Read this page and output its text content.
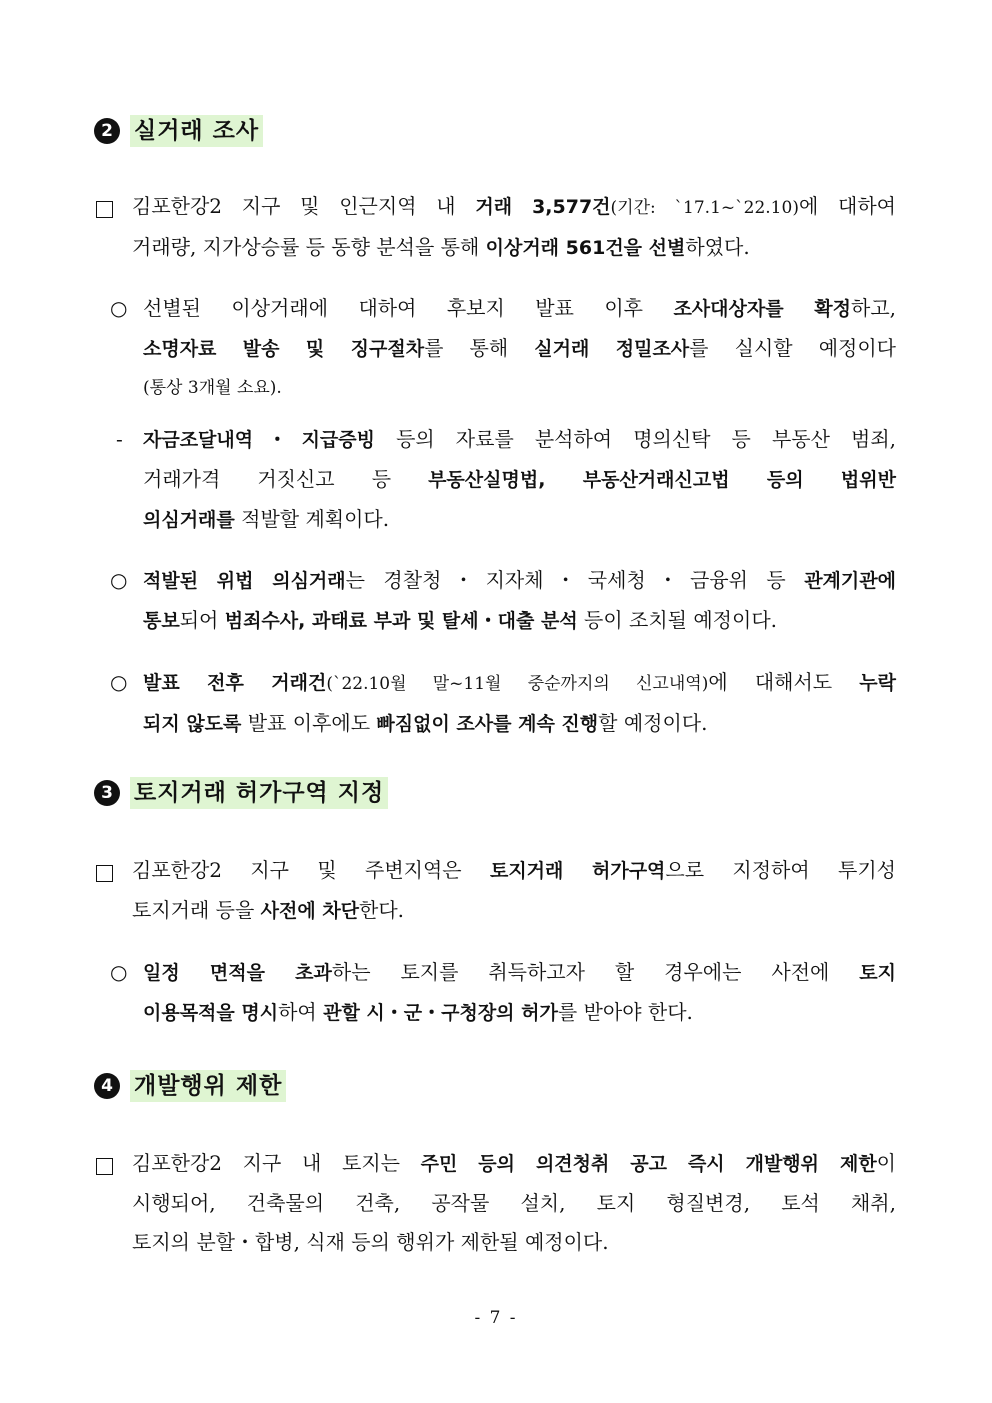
2 실거래 조사
김포한강2 지구 및 인근지역 내 거래 3,577건(기간: `17.1~`22.10)에 대하여
거래량, 지가상승률 등 동향 분석을 통해 이상거래 561건을 선별하였다.
○ 선별된 이상거래에 대하여 후보지 발표 이후 조사대상자를 확정하고,
소명자료 발송 및 징구절차를 통해 실거래 정밀조사를 실시할 예정이다
(통상 3개월 소요).
- 자금조달내역・지급증빙 등의 자료를 분석하여 명의신탁 등 부동산 범죄,
거래가격 거짓신고 등 부동산실명법, 부동산거래신고법 등의 법위반
의심거래를 적발할 계획이다.
○ 적발된 위법 의심거래는 경찰청・지자체・국세청・금융위 등 관계기관에
통보되어 범죄수사, 과태료 부과 및 탈세・대출 분석 등이 조치될 예정이다.
○ 발표 전후 거래건(`22.10월 말~11월 중순까지의 신고내역)에 대해서도 누락
되지 않도록 발표 이후에도 빠짐없이 조사를 계속 진행할 예정이다.
3 토지거래 허가구역 지정
김포한강2 지구 및 주변지역은 토지거래 허가구역으로 지정하여 투기성
토지거래 등을 사전에 차단한다.
○ 일정 면적을 초과하는 토지를 취득하고자 할 경우에는 사전에 토지
이용목적을 명시하여 관할 시・군・구청장의 허가를 받아야 한다.
4 개발행위 제한
김포한강2 지구 내 토지는 주민 등의 의견청취 공고 즉시 개발행위 제한이
시행되어, 건축물의 건축, 공작물 설치, 토지 형질변경, 토석 채취,
토지의 분할・합병, 식재 등의 행위가 제한될 예정이다.
- 7 -
